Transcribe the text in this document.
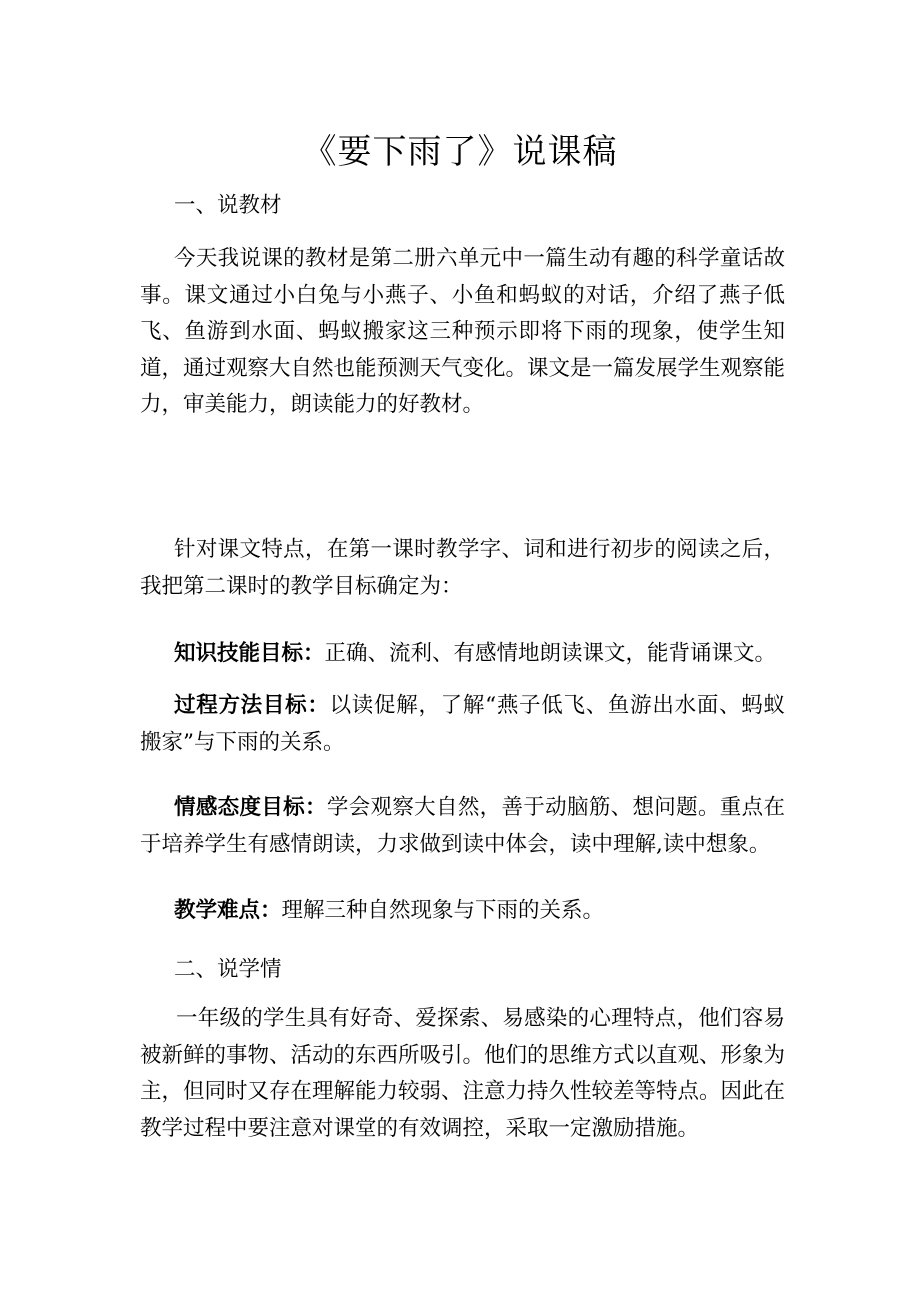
《要下雨了》说课稿
一、说教材
今天我说课的教材是第二册六单元中一篇生动有趣的科学童话故事。课文通过小白兔与小燕子、小鱼和蚂蚁的对话，介绍了燕子低飞、鱼游到水面、蚂蚁搬家这三种预示即将下雨的现象，使学生知道，通过观察大自然也能预测天气变化。课文是一篇发展学生观察能力，审美能力，朗读能力的好教材。
针对课文特点，在第一课时教学字、词和进行初步的阅读之后，我把第二课时的教学目标确定为：
知识技能目标：正确、流利、有感情地朗读课文，能背诵课文。
过程方法目标：以读促解，了解“燕子低飞、鱼游出水面、蚂蚁搬家”与下雨的关系。
情感态度目标：学会观察大自然，善于动脑筋、想问题。重点在于培养学生有感情朗读，力求做到读中体会，读中理解,读中想象。
教学难点：理解三种自然现象与下雨的关系。
二、说学情
一年级的学生具有好奇、爱探索、易感染的心理特点，他们容易被新鲜的事物、活动的东西所吸引。他们的思维方式以直观、形象为主，但同时又存在理解能力较弱、注意力持久性较差等特点。因此在教学过程中要注意对课堂的有效调控，采取一定激励措施。
